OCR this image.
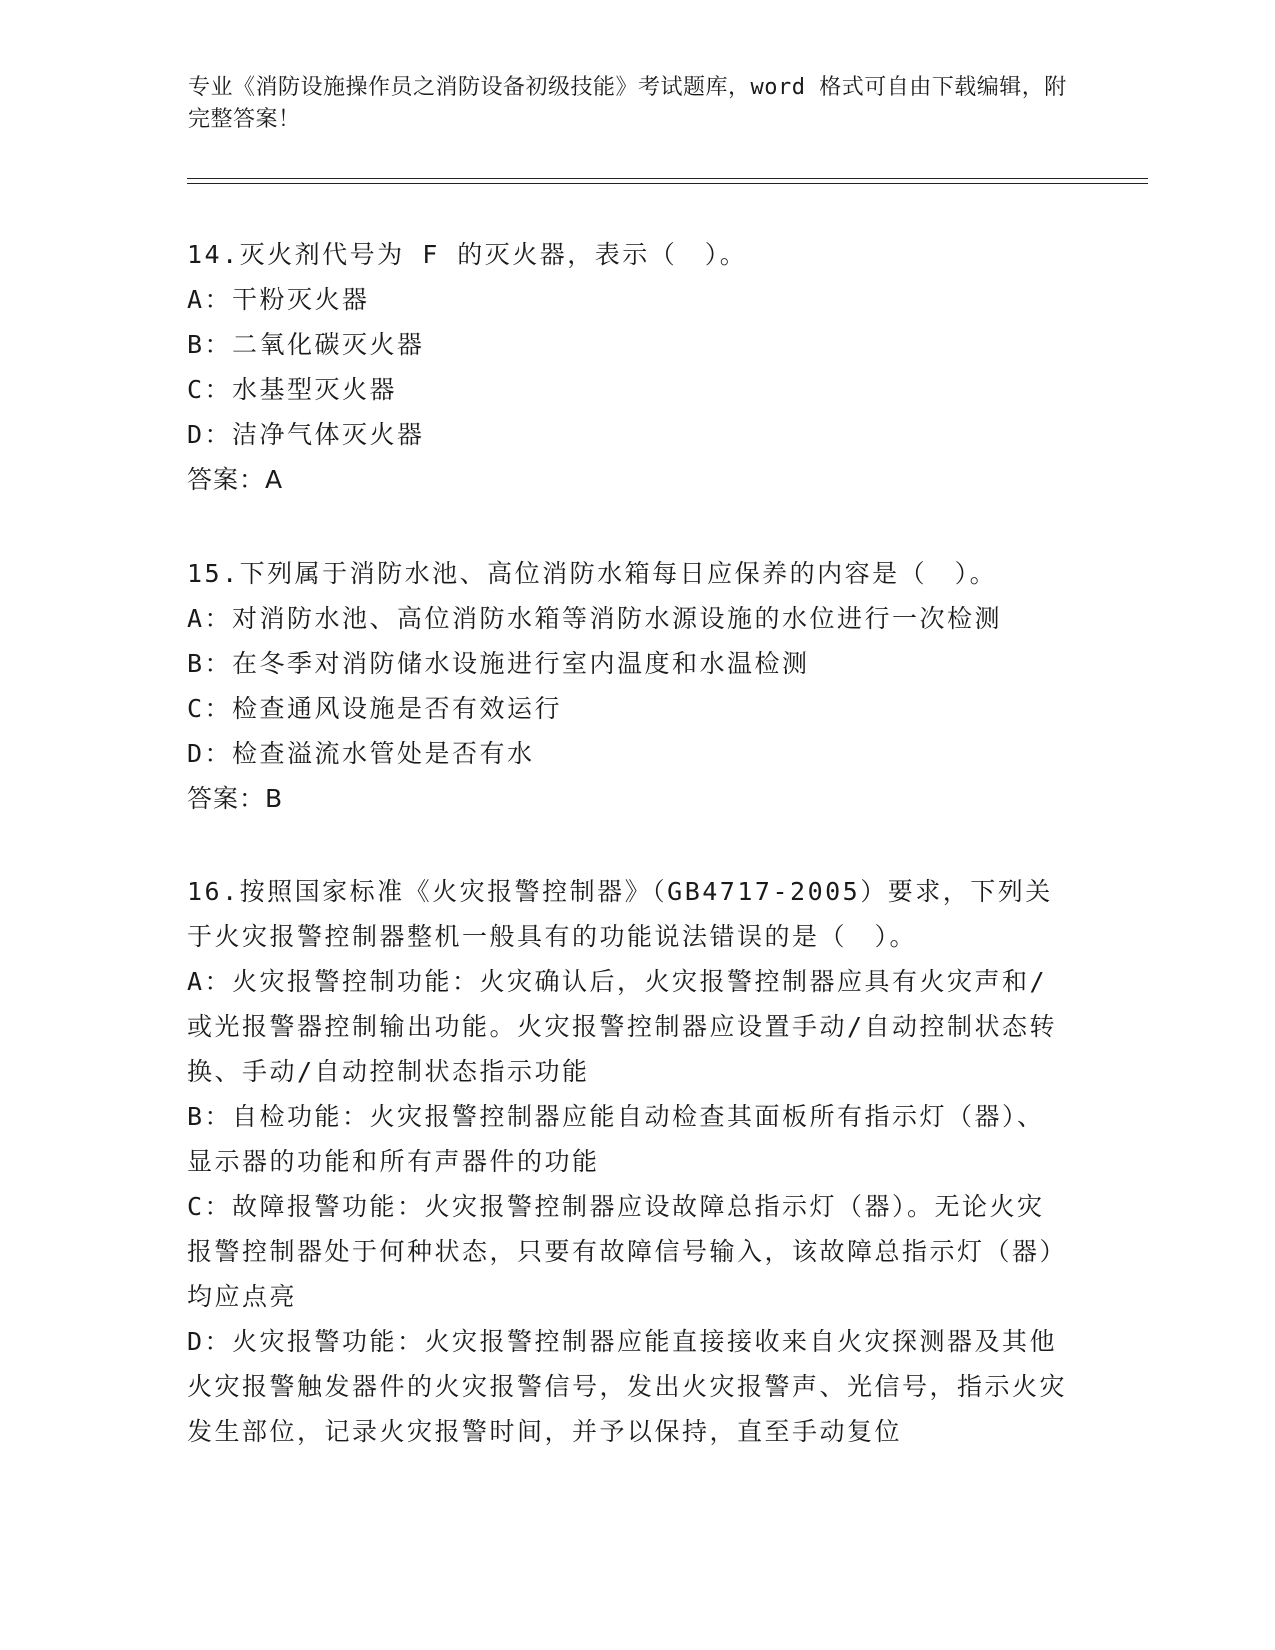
专业《消防设施操作员之消防设备初级技能》考试题库，word 格式可自由下载编辑，附完整答案！

14.灭火剂代号为 F 的灭火器，表示（　）。

A：干粉灭火器

B：二氧化碳灭火器

C：水基型灭火器

D：洁净气体灭火器

答案：A

15.下列属于消防水池、高位消防水箱每日应保养的内容是（　）。

A：对消防水池、高位消防水箱等消防水源设施的水位进行一次检测

B：在冬季对消防储水设施进行室内温度和水温检测

C：检查通风设施是否有效运行

D：检查溢流水管处是否有水

答案：B

16.按照国家标准《火灾报警控制器》（GB4717-2005）要求，下列关于火灾报警控制器整机一般具有的功能说法错误的是（　）。

A：火灾报警控制功能：火灾确认后，火灾报警控制器应具有火灾声和/或光报警器控制输出功能。火灾报警控制器应设置手动/自动控制状态转换、手动/自动控制状态指示功能

B：自检功能：火灾报警控制器应能自动检查其面板所有指示灯（器）、显示器的功能和所有声器件的功能

C：故障报警功能：火灾报警控制器应设故障总指示灯（器）。无论火灾报警控制器处于何种状态，只要有故障信号输入，该故障总指示灯（器）均应点亮

D：火灾报警功能：火灾报警控制器应能直接接收来自火灾探测器及其他火灾报警触发器件的火灾报警信号，发出火灾报警声、光信号，指示火灾发生部位，记录火灾报警时间，并予以保持，直至手动复位
